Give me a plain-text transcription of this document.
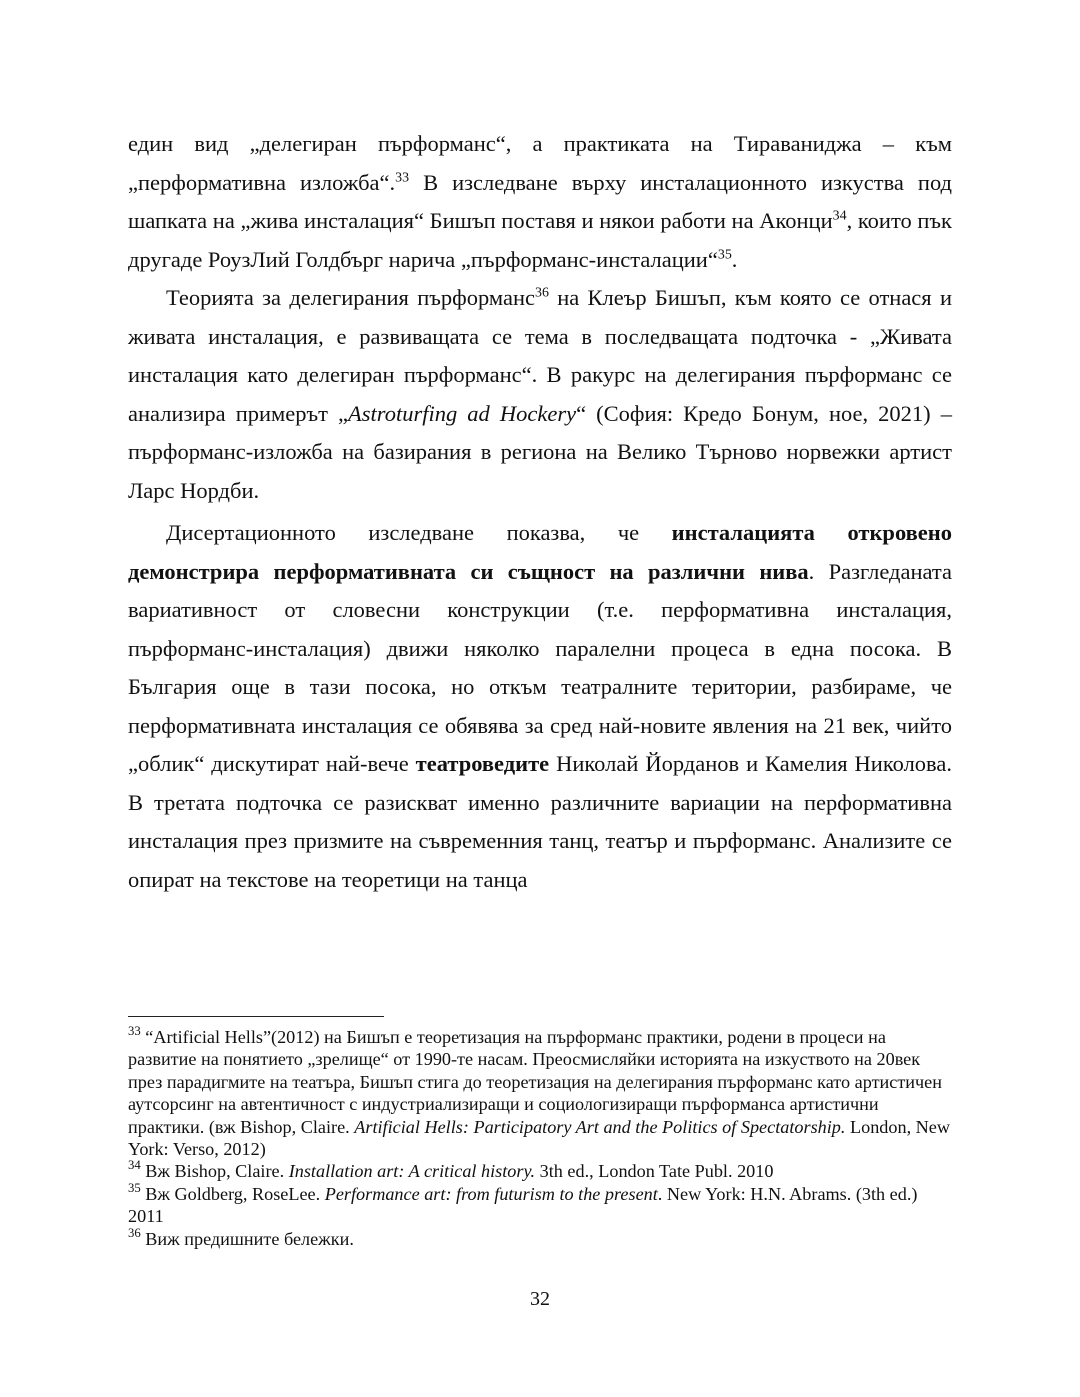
един вид „делегиран пърформанс“, а практиката на Тираваниджа – към „перформативна изложба“.$^{33}$ В изследване върху инсталационното изкуства под шапката на „жива инсталация“ Бишъп поставя и някои работи на Аконци$^{34}$, които пък другаде РоузЛий Голдбърг нарича „пърформанс-инсталации“$^{35}$.

Теорията за делегирания пърформанс$^{36}$ на Клеър Бишъп, към която се отнася и живата инсталация, е развиващата се тема в последващата подточка - „Живата инсталация като делегиран пърформанс“. В ракурс на делегирания пърформанс се анализира примерът „Astroturfing ad Hockery“ (София: Кредо Бонум, ное, 2021) – пърформанс-изложба на базирания в региона на Велико Търново норвежки артист Ларс Нордби.

Дисертационното изследване показва, че инсталацията откровено демонстрира перформативната си същност на различни нива. Разгледаната вариативност от словесни конструкции (т.е. перформативна инсталация, пърформанс-инсталация) движи няколко паралелни процеса в една посока. В България още в тази посока, но откъм театралните територии, разбираме, че перформативната инсталация се обявява за сред най-новите явления на 21 век, чийто „облик“ дискутират най-вече театроведите Николай Йорданов и Камелия Николова. В третата подточка се разискват именно различните вариации на перформативна инсталация през призмите на съвременния танц, театър и пърформанс. Анализите се опират на текстове на теоретици на танца

$^{33}$ “Artificial Hells”(2012) на Бишъп е теоретизация на пърформанс практики, родени в процеси на развитие на понятието „зрелище“ от 1990-те насам. Преосмисляйки историята на изкуството на 20век през парадигмите на театъра, Бишъп стига до теоретизация на делегирания пърформанс като артистичен аутсорсинг на автентичност с индустриализиращи и социологизиращи пърформанса артистични практики. (вж Bishop, Claire. Artificial Hells: Participatory Art and the Politics of Spectatorship. London, New York: Verso, 2012)

$^{34}$ Вж Bishop, Claire. Installation art: A critical history. 3th ed., London Tate Publ. 2010

$^{35}$ Вж Goldberg, RoseLee. Performance art: from futurism to the present. New York: H.N. Abrams. (3th ed.) 2011

$^{36}$ Виж предишните бележки.

32
